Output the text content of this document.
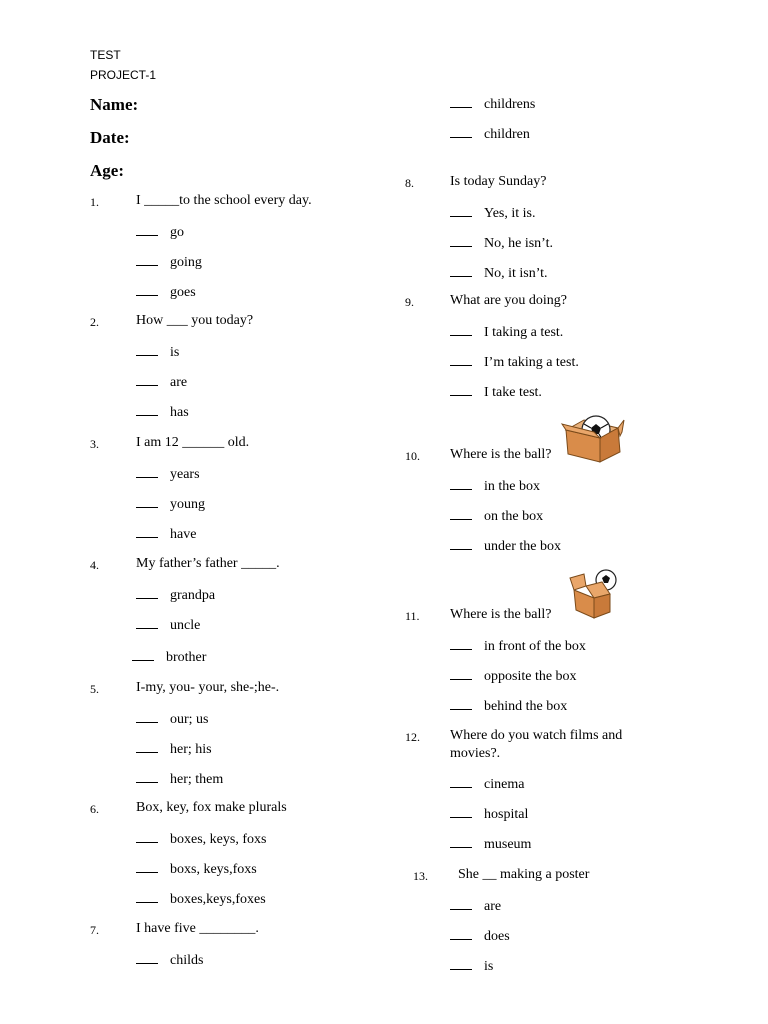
TEST
PROJECT-1
Name:
Date:
Age:
1.	I _____to the school every day.
go
going
goes
2.	How ___ you today?
is
are
has
3.	I am 12 ______ old.
years
young
have
4.	My father’s father _____.
grandpa
uncle
brother
5.	I-my, you- your, she-;he-.
our; us
her; his
her; them
6.	Box, key, fox make plurals
boxes, keys, foxs
boxs, keys,foxs
boxes,keys,foxes
7.	I have five ________.
childs
childrens
children
8.	Is today Sunday?
Yes, it is.
No, he isn’t.
No, it isn’t.
9.	What are you doing?
I taking a test.
I’m taking a test.
I take test.
10. Where is the ball?
in the box
on the box
under the box
11. Where is the ball?
in front of the box
opposite the box
behind the box
12. Where do you watch films and
movies?.
cinema
hospital
museum
13. She __ making a poster
are
does
is
